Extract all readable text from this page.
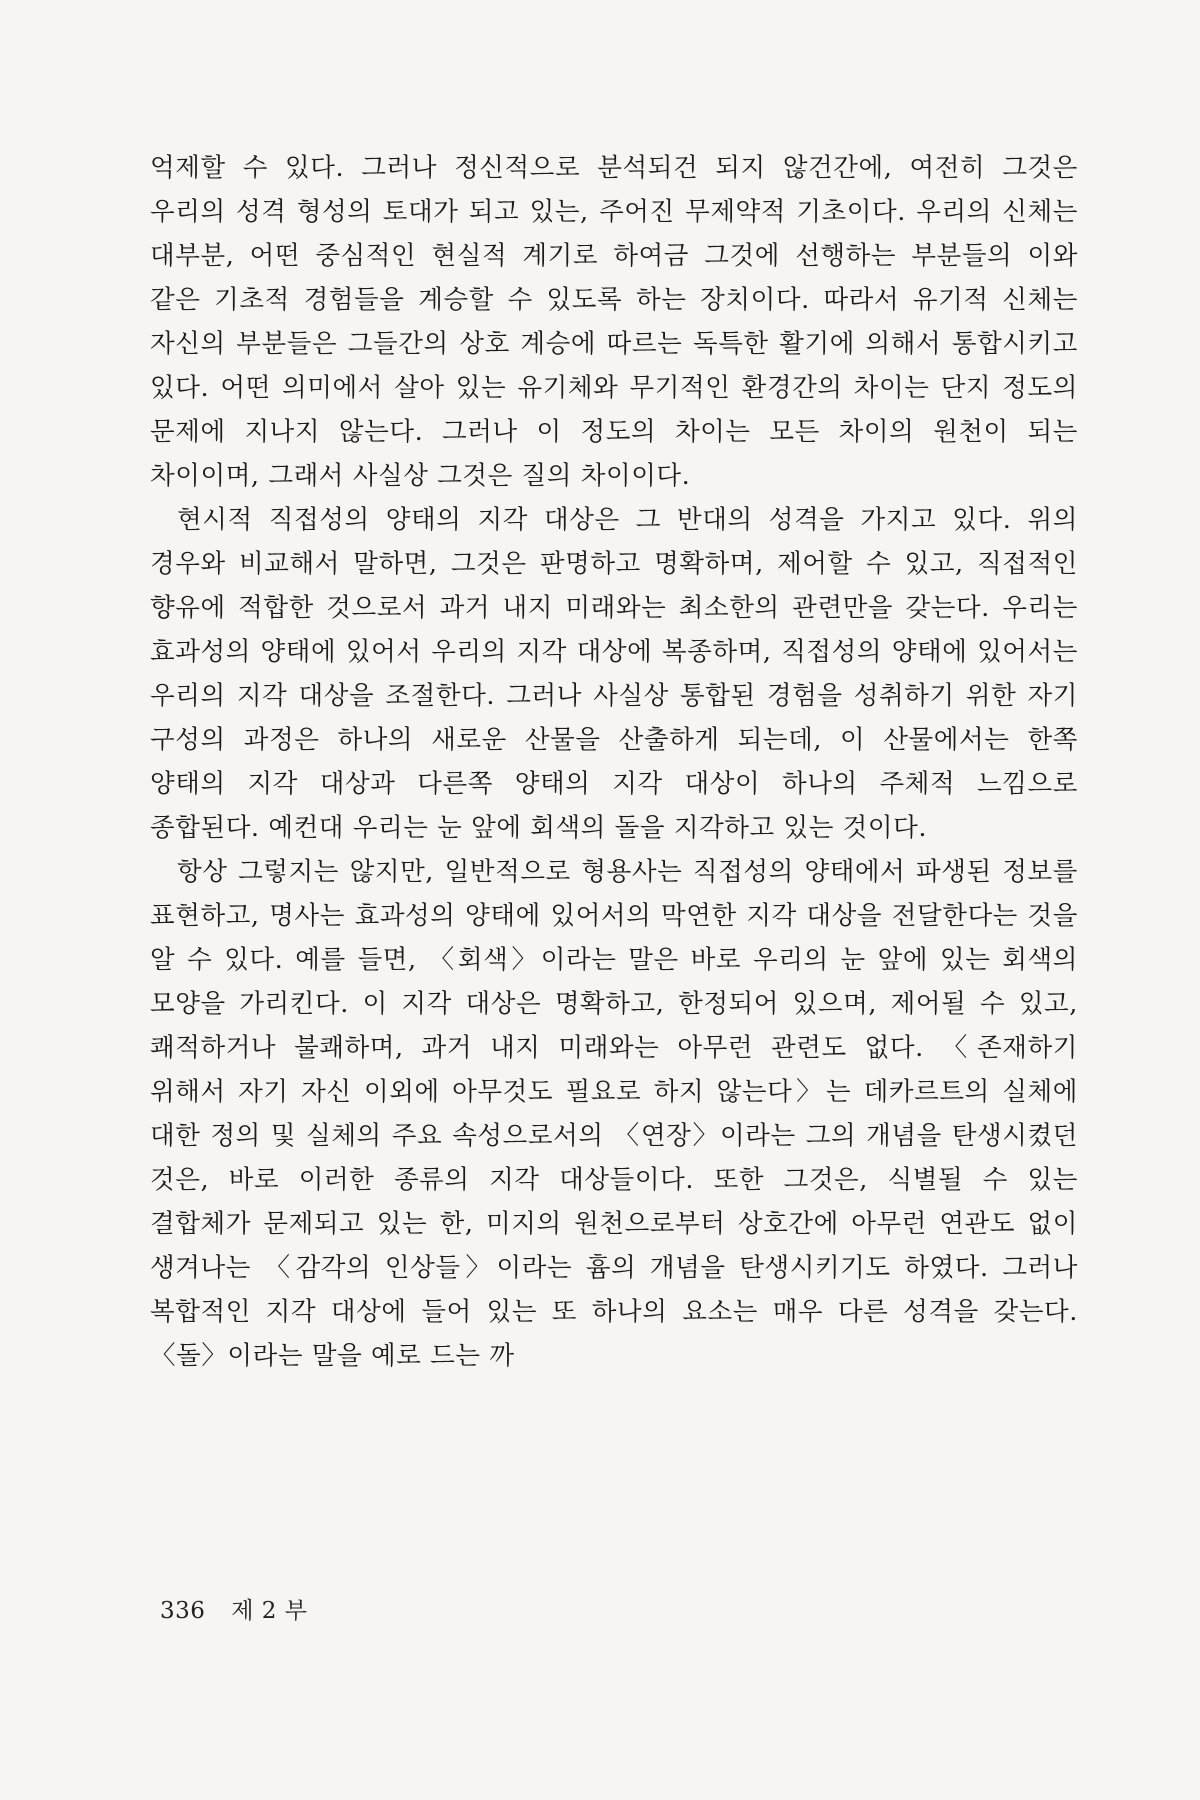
억제할 수 있다. 그러나 정신적으로 분석되건 되지 않건간에, 여전히 그것은 우리의 성격 형성의 토대가 되고 있는, 주어진 무제약적 기초이다. 우리의 신체는 대부분, 어떤 중심적인 현실적 계기로 하여금 그것에 선행하는 부분들의 이와 같은 기초적 경험들을 계승할 수 있도록 하는 장치이다. 따라서 유기적 신체는 자신의 부분들은 그들간의 상호 계승에 따르는 독특한 활기에 의해서 통합시키고 있다. 어떤 의미에서 살아 있는 유기체와 무기적인 환경간의 차이는 단지 정도의 문제에 지나지 않는다. 그러나 이 정도의 차이는 모든 차이의 원천이 되는 차이이며, 그래서 사실상 그것은 질의 차이이다.

현시적 직접성의 양태의 지각 대상은 그 반대의 성격을 가지고 있다. 위의 경우와 비교해서 말하면, 그것은 판명하고 명확하며, 제어할 수 있고, 직접적인 향유에 적합한 것으로서 과거 내지 미래와는 최소한의 관련만을 갖는다. 우리는 효과성의 양태에 있어서 우리의 지각 대상에 복종하며, 직접성의 양태에 있어서는 우리의 지각 대상을 조절한다. 그러나 사실상 통합된 경험을 성취하기 위한 자기 구성의 과정은 하나의 새로운 산물을 산출하게 되는데, 이 산물에서는 한쪽 양태의 지각 대상과 다른쪽 양태의 지각 대상이 하나의 주체적 느낌으로 종합된다. 예컨대 우리는 눈 앞에 회색의 돌을 지각하고 있는 것이다.

항상 그렇지는 않지만, 일반적으로 형용사는 직접성의 양태에서 파생된 정보를 표현하고, 명사는 효과성의 양태에 있어서의 막연한 지각 대상을 전달한다는 것을 알 수 있다. 예를 들면, 〈회색〉이라는 말은 바로 우리의 눈 앞에 있는 회색의 모양을 가리킨다. 이 지각 대상은 명확하고, 한정되어 있으며, 제어될 수 있고, 쾌적하거나 불쾌하며, 과거 내지 미래와는 아무런 관련도 없다. 〈존재하기 위해서 자기 자신 이외에 아무것도 필요로 하지 않는다〉는 데카르트의 실체에 대한 정의 및 실체의 주요 속성으로서의 〈연장〉이라는 그의 개념을 탄생시켰던 것은, 바로 이러한 종류의 지각 대상들이다. 또한 그것은, 식별될 수 있는 결합체가 문제되고 있는 한, 미지의 원천으로부터 상호간에 아무런 연관도 없이 생겨나는 〈감각의 인상들〉이라는 흄의 개념을 탄생시키기도 하였다. 그러나 복합적인 지각 대상에 들어 있는 또 하나의 요소는 매우 다른 성격을 갖는다. 〈돌〉이라는 말을 예로 드는 까

336 제 2 부
